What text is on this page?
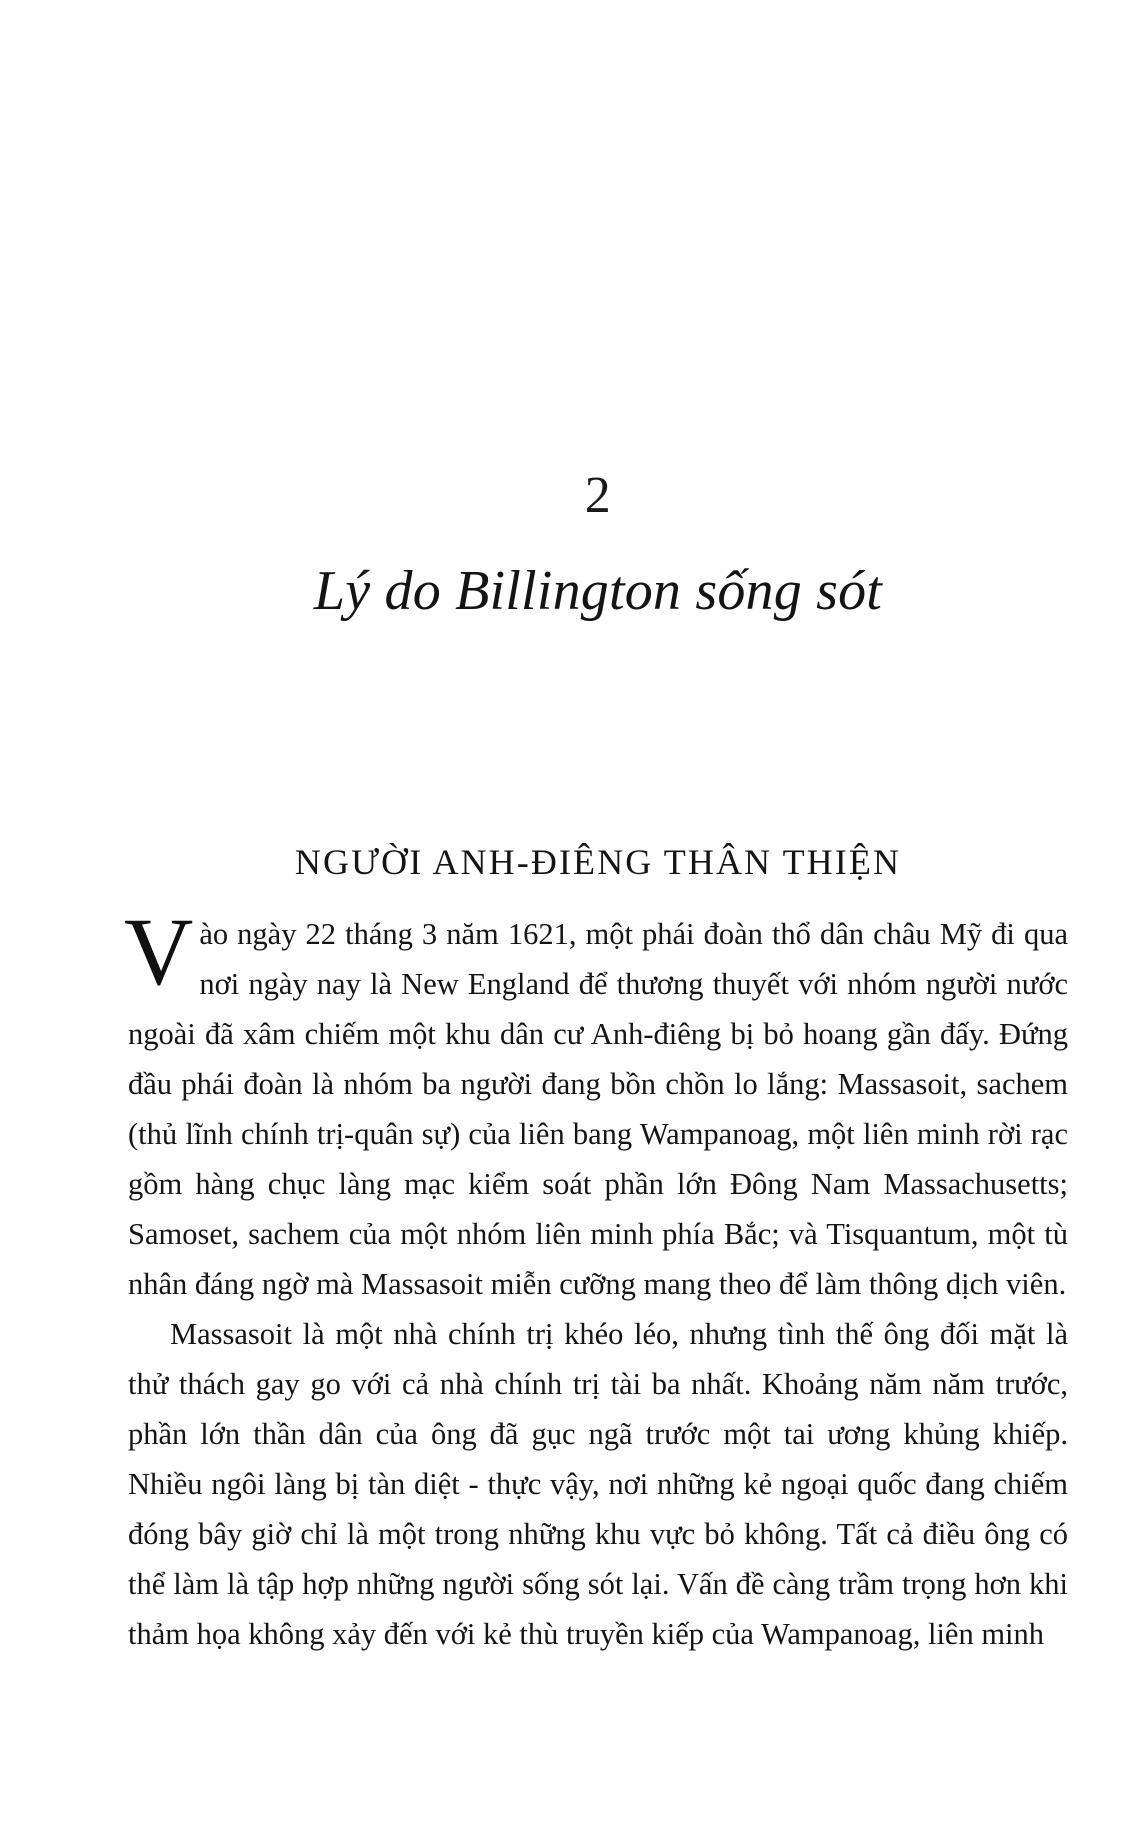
2
Lý do Billington sống sót
NGƯỜI ANH-ĐIÊNG THÂN THIỆN

Vào ngày 22 tháng 3 năm 1621, một phái đoàn thổ dân châu Mỹ đi qua nơi ngày nay là New England để thương thuyết với nhóm người nước ngoài đã xâm chiếm một khu dân cư Anh-điêng bị bỏ hoang gần đấy. Đứng đầu phái đoàn là nhóm ba người đang bồn chồn lo lắng: Massasoit, sachem (thủ lĩnh chính trị-quân sự) của liên bang Wampanoag, một liên minh rời rạc gồm hàng chục làng mạc kiểm soát phần lớn Đông Nam Massachusetts; Samoset, sachem của một nhóm liên minh phía Bắc; và Tisquantum, một tù nhân đáng ngờ mà Massasoit miễn cưỡng mang theo để làm thông dịch viên.

Massasoit là một nhà chính trị khéo léo, nhưng tình thế ông đối mặt là thử thách gay go với cả nhà chính trị tài ba nhất. Khoảng năm năm trước, phần lớn thần dân của ông đã gục ngã trước một tai ương khủng khiếp. Nhiều ngôi làng bị tàn diệt - thực vậy, nơi những kẻ ngoại quốc đang chiếm đóng bây giờ chỉ là một trong những khu vực bỏ không. Tất cả điều ông có thể làm là tập hợp những người sống sót lại. Vấn đề càng trầm trọng hơn khi thảm họa không xảy đến với kẻ thù truyền kiếp của Wampanoag, liên minh
